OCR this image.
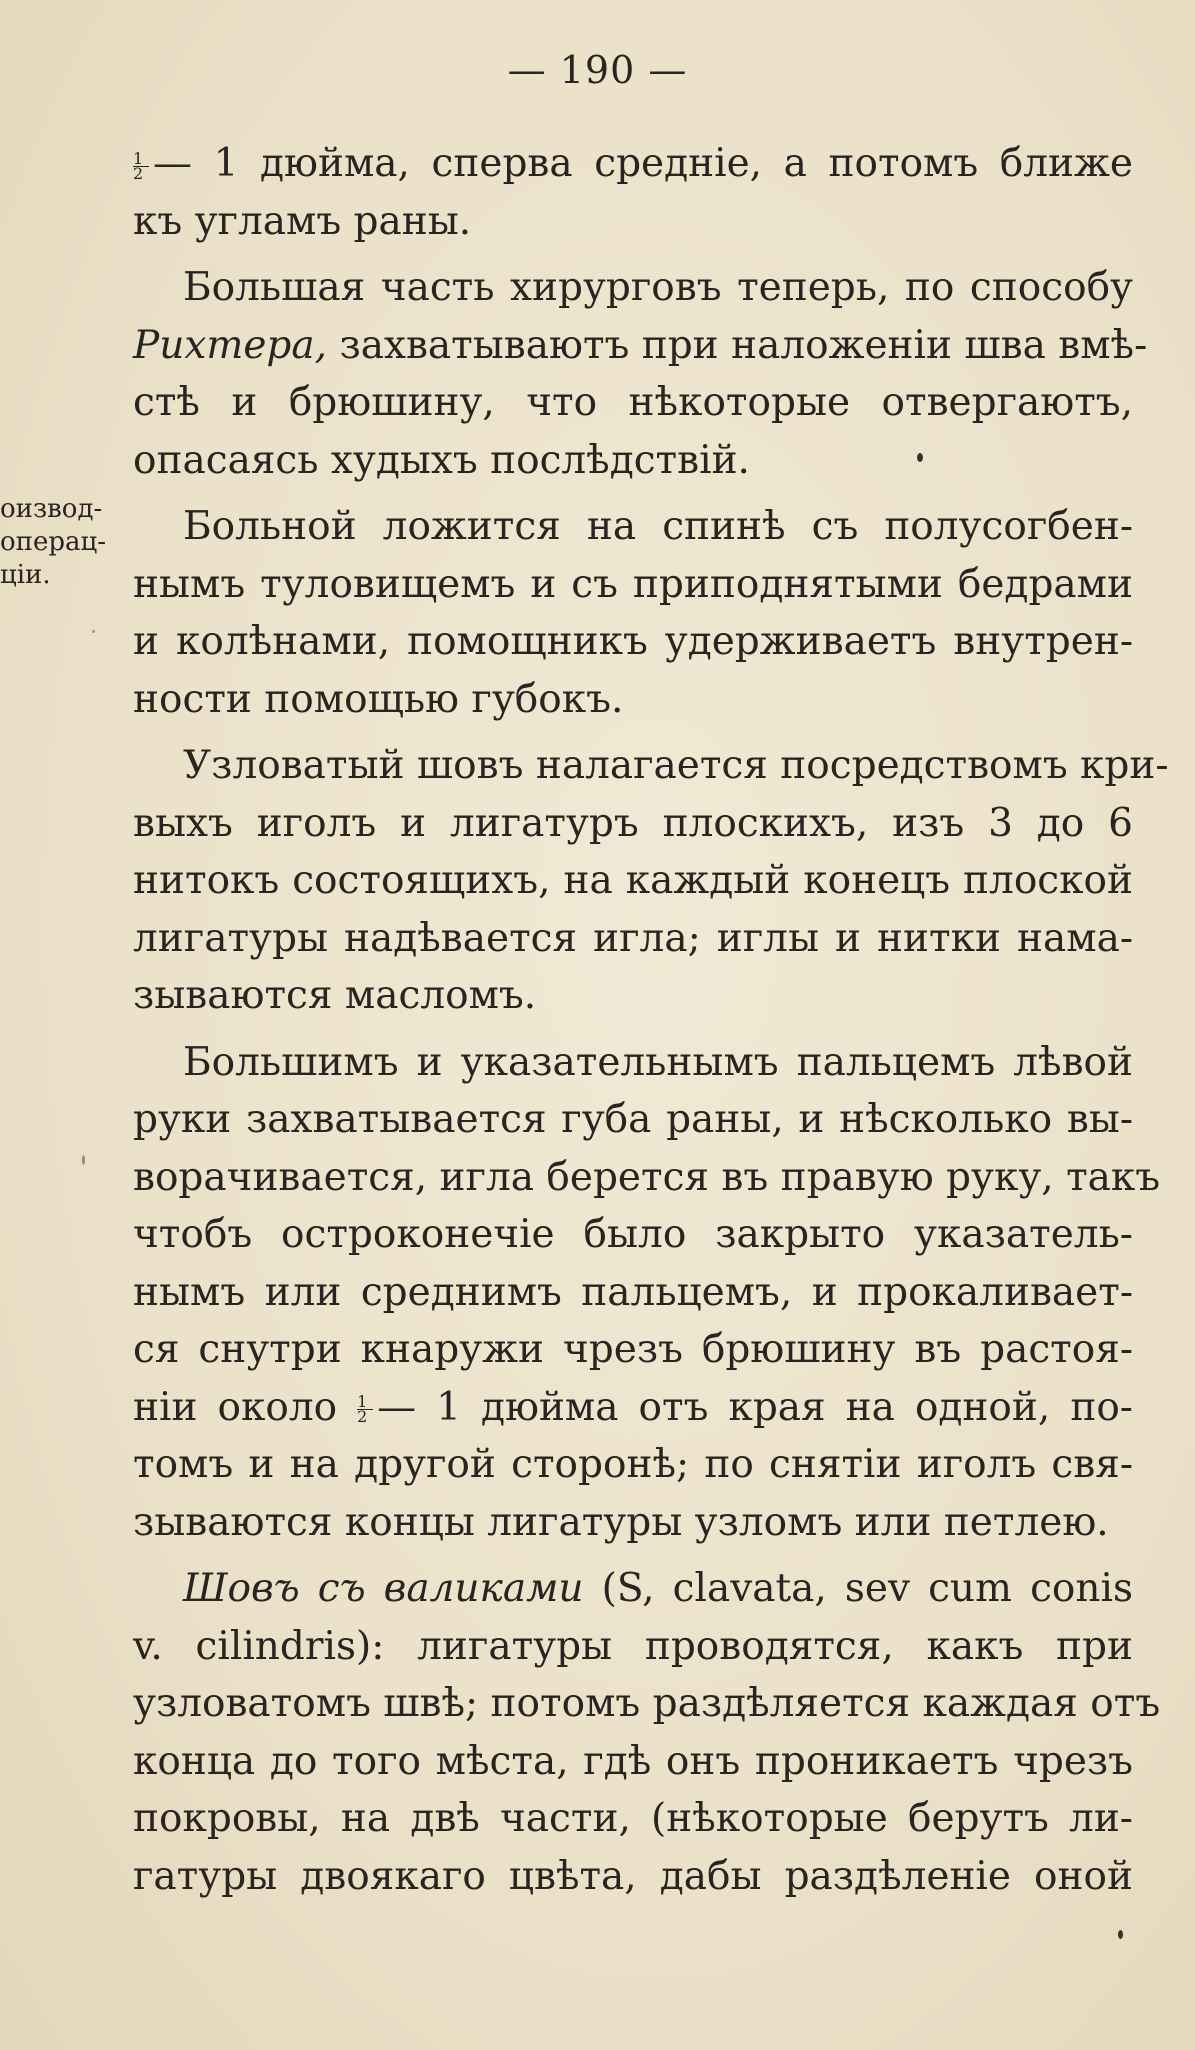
— 190 —
оизвод-
операц-
ціи.
$\frac{1}{2}$ — 1 дюйма, сперва средніе, а потомъ ближе
къ угламъ раны.
Большая часть хирурговъ теперь, по способу
Рихтера, захватываютъ при наложеніи шва вмѣ-
стѣ и брюшину, что нѣкоторые отвергаютъ,
опасаясь худыхъ послѣдствій.
Больной ложится на спинѣ съ полусогбен-
нымъ туловищемъ и съ приподнятыми бедрами
и колѣнами, помощникъ удерживаетъ внутрен-
ности помощью губокъ.
Узловатый шовъ налагается посредствомъ кри-
выхъ иголъ и лигатуръ плоскихъ, изъ 3 до 6
нитокъ состоящихъ, на каждый конецъ плоской
лигатуры надѣвается игла; иглы и нитки нама-
зываются масломъ.
Большимъ и указательнымъ пальцемъ лѣвой
руки захватывается губа раны, и нѣсколько вы-
ворачивается, игла берется въ правую руку, такъ
чтобъ остроконечіе было закрыто указатель-
нымъ или среднимъ пальцемъ, и прокаливает-
ся снутри кнаружи чрезъ брюшину въ растоя-
ніи около $\frac{1}{2}$ — 1 дюйма отъ края на одной, по-
томъ и на другой сторонѣ; по снятіи иголъ свя-
зываются концы лигатуры узломъ или петлею.
Шовъ съ валиками (S, clavata, sev cum conis
v. cilindris): лигатуры проводятся, какъ при
узловатомъ швѣ; потомъ раздѣляется каждая отъ
конца до того мѣста, гдѣ онъ проникаетъ чрезъ
покровы, на двѣ части, (нѣкоторые берутъ ли-
гатуры двоякаго цвѣта, дабы раздѣленіе оной
